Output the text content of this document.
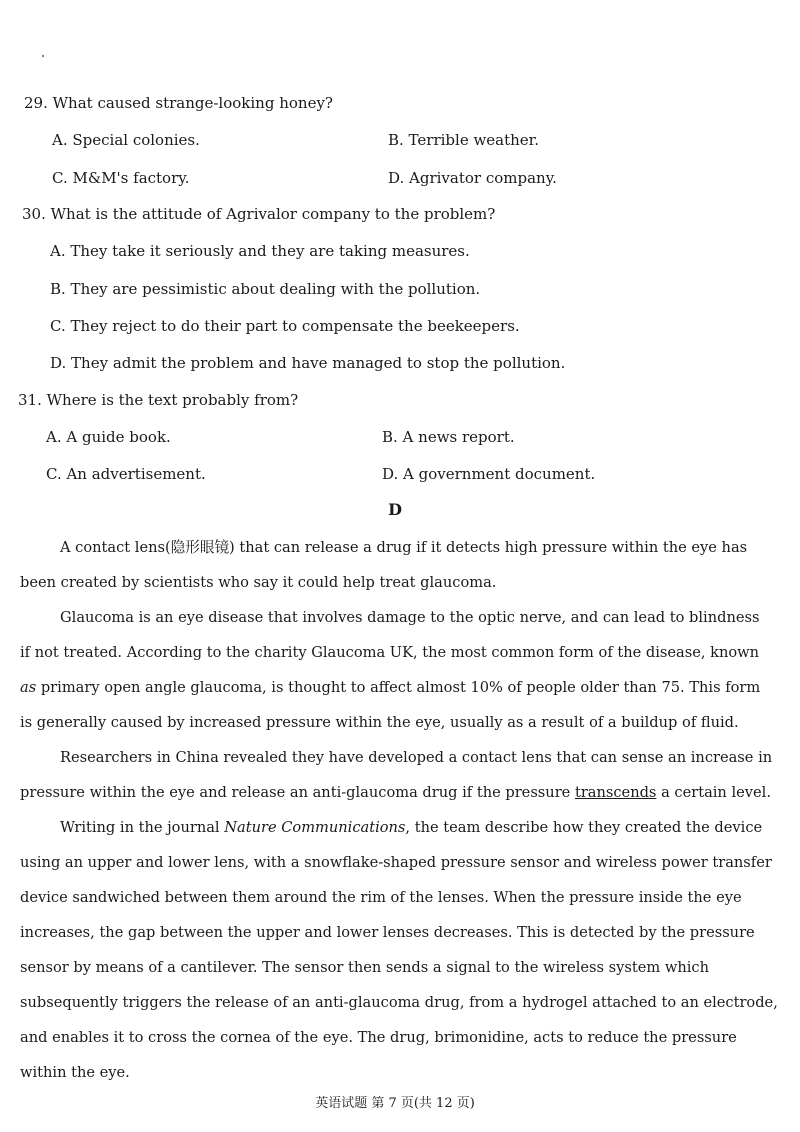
29. What caused strange-looking honey?
A. Special colonies.	B. Terrible weather.
C. M&M's factory.	D. Agrivator company.
30. What is the attitude of Agrivalor company to the problem?
A. They take it seriously and they are taking measures.
B. They are pessimistic about dealing with the pollution.
C. They reject to do their part to compensate the beekeepers.
D. They admit the problem and have managed to stop the pollution.
31. Where is the text probably from?
A. A guide book.	B. A news report.
C. An advertisement.	D. A government document.
D
A contact lens(隐形眼镜) that can release a drug if it detects high pressure within the eye has
been created by scientists who say it could help treat glaucoma.
Glaucoma is an eye disease that involves damage to the optic nerve, and can lead to blindness
if not treated. According to the charity Glaucoma UK, the most common form of the disease, known
as primary open angle glaucoma, is thought to affect almost 10% of people older than 75. This form
is generally caused by increased pressure within the eye, usually as a result of a buildup of fluid.
Researchers in China revealed they have developed a contact lens that can sense an increase in
pressure within the eye and release an anti-glaucoma drug if the pressure transcends a certain level.
Writing in the journal Nature Communications, the team describe how they created the device
using an upper and lower lens, with a snowflake-shaped pressure sensor and wireless power transfer
device sandwiched between them around the rim of the lenses. When the pressure inside the eye
increases, the gap between the upper and lower lenses decreases. This is detected by the pressure
sensor by means of a cantilever. The sensor then sends a signal to the wireless system which
subsequently triggers the release of an anti-glaucoma drug, from a hydrogel attached to an electrode,
and enables it to cross the cornea of the eye. The drug, brimonidine, acts to reduce the pressure
within the eye.
英语试题 第 7 页(共 12 页)
